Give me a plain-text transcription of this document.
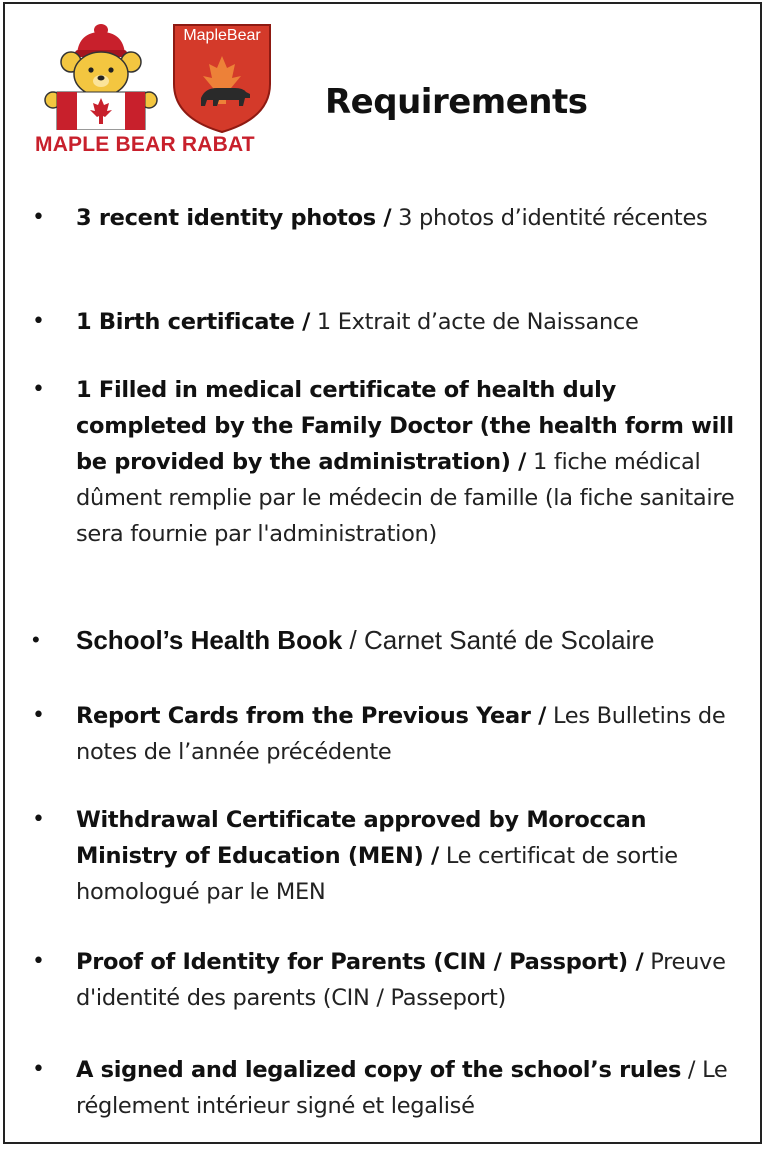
MAPLE BEAR RABAT
MapleBear
Requirements
• 3 recent identity photos / 3 photos d’identité récentes
• 1 Birth certificate / 1 Extrait d’acte de Naissance
• 1 Filled in medical certificate of health duly completed by the Family Doctor (the health form will be provided by the administration) / 1 fiche médical dûment remplie par le médecin de famille (la fiche sanitaire sera fournie par l'administration)
• School’s Health Book / Carnet Santé de Scolaire
• Report Cards from the Previous Year / Les Bulletins de notes de l’année précédente
• Withdrawal Certificate approved by Moroccan Ministry of Education (MEN) / Le certificat de sortie homologué par le MEN
• Proof of Identity for Parents (CIN / Passport) / Preuve d'identité des parents (CIN / Passeport)
• A signed and legalized copy of the school’s rules / Le réglement intérieur signé et legalisé
